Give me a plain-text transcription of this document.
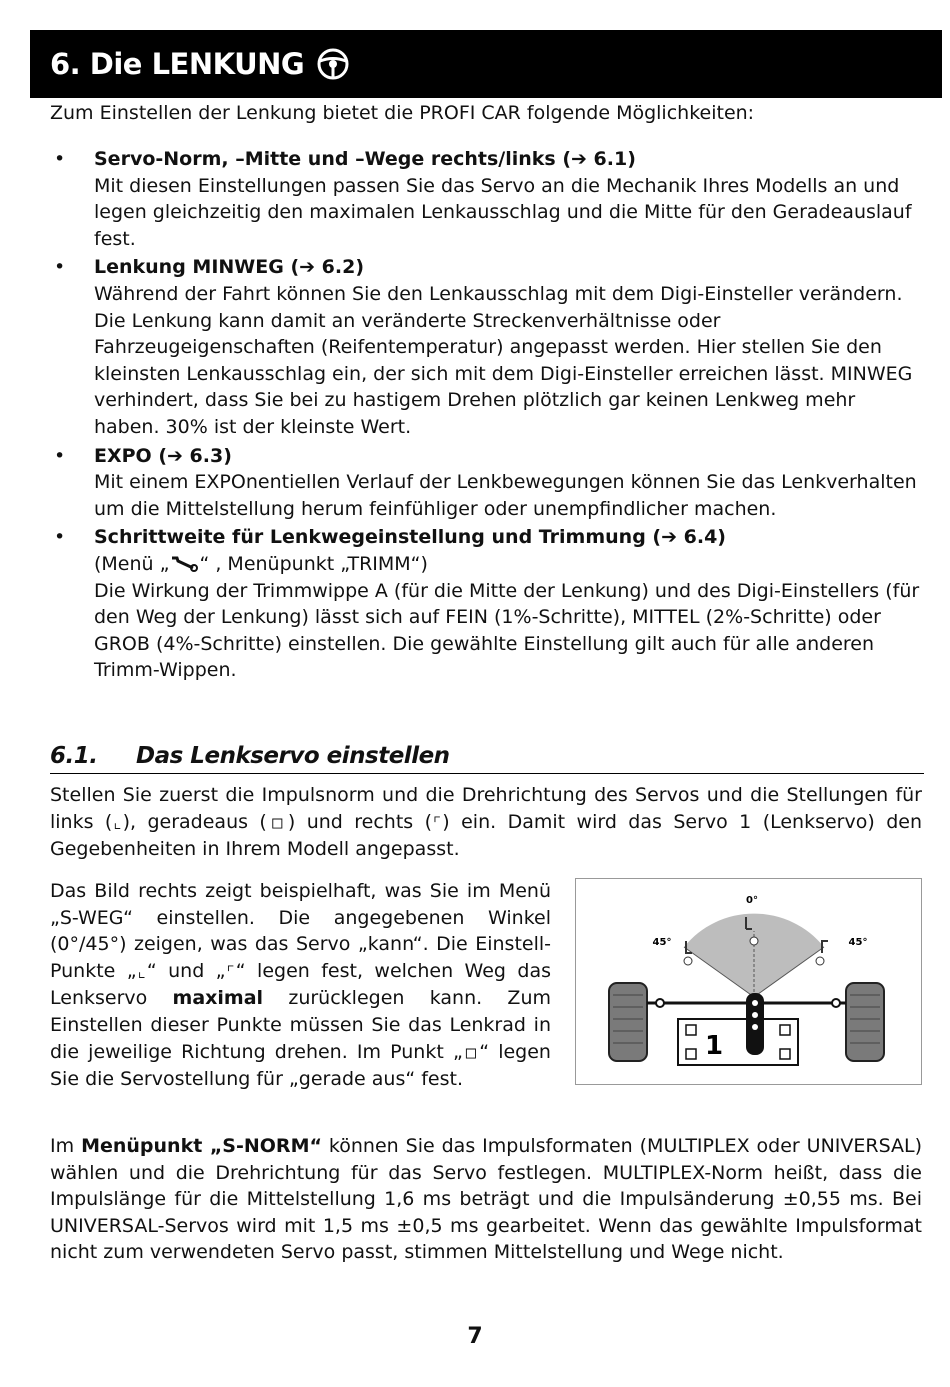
6. Die LENKUNG
Zum Einstellen der Lenkung bietet die PROFI CAR folgende Möglichkeiten:
• Servo-Norm, –Mitte und –Wege rechts/links (➔ 6.1)
Mit diesen Einstellungen passen Sie das Servo an die Mechanik Ihres Modells an und legen gleichzeitig den maximalen Lenkausschlag und die Mitte für den Geradeauslauf fest.
• Lenkung MINWEG (➔ 6.2)
Während der Fahrt können Sie den Lenkausschlag mit dem Digi-Einsteller verändern. Die Lenkung kann damit an veränderte Streckenverhältnisse oder Fahrzeugeigenschaften (Reifentemperatur) angepasst werden. Hier stellen Sie den kleinsten Lenkausschlag ein, der sich mit dem Digi-Einsteller erreichen lässt. MINWEG verhindert, dass Sie bei zu hastigem Drehen plötzlich gar keinen Lenkweg mehr haben. 30% ist der kleinste Wert.
• EXPO (➔ 6.3)
Mit einem EXPOnentiellen Verlauf der Lenkbewegungen können Sie das Lenkverhalten um die Mittelstellung herum feinfühliger oder unempfindlicher machen.
• Schrittweite für Lenkwegeinstellung und Trimmung (➔ 6.4)
(Menü „ “ , Menüpunkt „TRIMM“)
Die Wirkung der Trimmwippe A (für die Mitte der Lenkung) und des Digi-Einstellers (für den Weg der Lenkung) lässt sich auf FEIN (1%-Schritte), MITTEL (2%-Schritte) oder GROB (4%-Schritte) einstellen. Die gewählte Einstellung gilt auch für alle anderen Trimm-Wippen.
6.1. Das Lenkservo einstellen
Stellen Sie zuerst die Impulsnorm und die Drehrichtung des Servos und die Stellungen für links (⌞), geradeaus (□) und rechts (⌜) ein. Damit wird das Servo 1 (Lenkservo) den Gegebenheiten in Ihrem Modell angepasst.
Das Bild rechts zeigt beispielhaft, was Sie im Menü „S-WEG“ einstellen. Die angegebenen Winkel (0°/45°) zeigen, was das Servo „kann“. Die Einstell-Punkte „⌞“ und „⌜“ legen fest, welchen Weg das Lenkservo maximal zurücklegen kann. Zum Einstellen dieser Punkte müssen Sie das Lenkrad in die jeweilige Richtung drehen. Im Punkt „□“ legen Sie die Servostellung für „gerade aus“ fest.
0°
45°	45°
1
Im Menüpunkt „S-NORM“ können Sie das Impulsformaten (MULTIPLEX oder UNIVERSAL) wählen und die Drehrichtung für das Servo festlegen. MULTIPLEX-Norm heißt, dass die Impulslänge für die Mittelstellung 1,6 ms beträgt und die Impulsänderung ±0,55 ms. Bei UNIVERSAL-Servos wird mit 1,5 ms ±0,5 ms gearbeitet. Wenn das gewählte Impulsformat nicht zum verwendeten Servo passt, stimmen Mittelstellung und Wege nicht.
7
